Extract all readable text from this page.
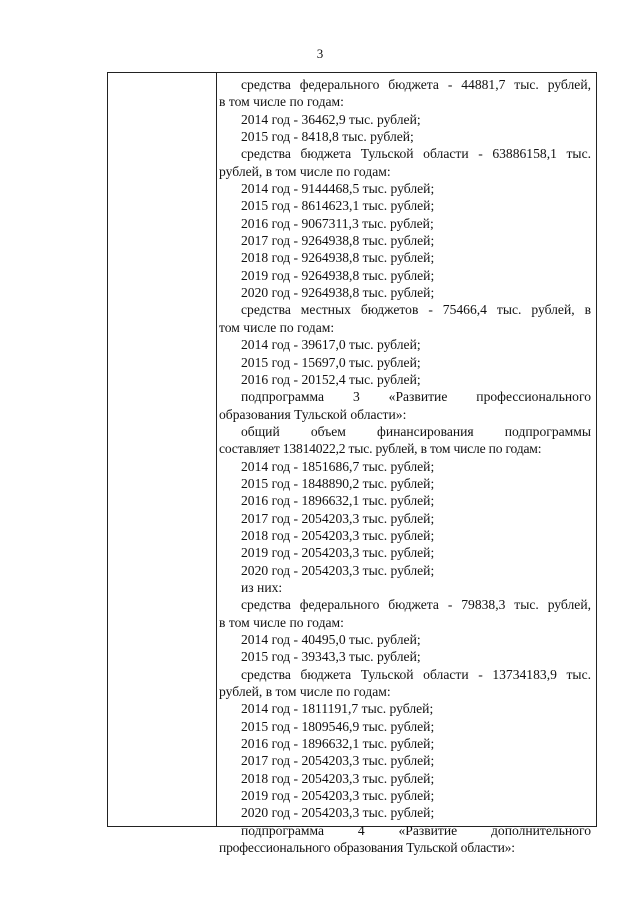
3
средства федерального бюджета - 44881,7 тыс. рублей,
в том числе по годам:
2014 год - 36462,9 тыс. рублей;
2015 год - 8418,8 тыс. рублей;
средства бюджета Тульской области - 63886158,1 тыс.
рублей, в том числе по годам:
2014 год - 9144468,5 тыс. рублей;
2015 год - 8614623,1 тыс. рублей;
2016 год - 9067311,3 тыс. рублей;
2017 год - 9264938,8 тыс. рублей;
2018 год - 9264938,8 тыс. рублей;
2019 год - 9264938,8 тыс. рублей;
2020 год - 9264938,8 тыс. рублей;
средства местных бюджетов - 75466,4 тыс. рублей, в
том числе по годам:
2014 год - 39617,0 тыс. рублей;
2015 год - 15697,0 тыс. рублей;
2016 год - 20152,4 тыс. рублей;
подпрограмма 3 «Развитие профессионального
образования Тульской области»:
общий объем финансирования подпрограммы
составляет 13814022,2 тыс. рублей, в том числе по годам:
2014 год - 1851686,7 тыс. рублей;
2015 год - 1848890,2 тыс. рублей;
2016 год - 1896632,1 тыс. рублей;
2017 год - 2054203,3 тыс. рублей;
2018 год - 2054203,3 тыс. рублей;
2019 год - 2054203,3 тыс. рублей;
2020 год - 2054203,3 тыс. рублей;
из них:
средства федерального бюджета - 79838,3 тыс. рублей,
в том числе по годам:
2014 год - 40495,0 тыс. рублей;
2015 год - 39343,3 тыс. рублей;
средства бюджета Тульской области - 13734183,9 тыс.
рублей, в том числе по годам:
2014 год - 1811191,7 тыс. рублей;
2015 год - 1809546,9 тыс. рублей;
2016 год - 1896632,1 тыс. рублей;
2017 год - 2054203,3 тыс. рублей;
2018 год - 2054203,3 тыс. рублей;
2019 год - 2054203,3 тыс. рублей;
2020 год - 2054203,3 тыс. рублей;
подпрограмма 4 «Развитие дополнительного
профессионального образования Тульской области»:
